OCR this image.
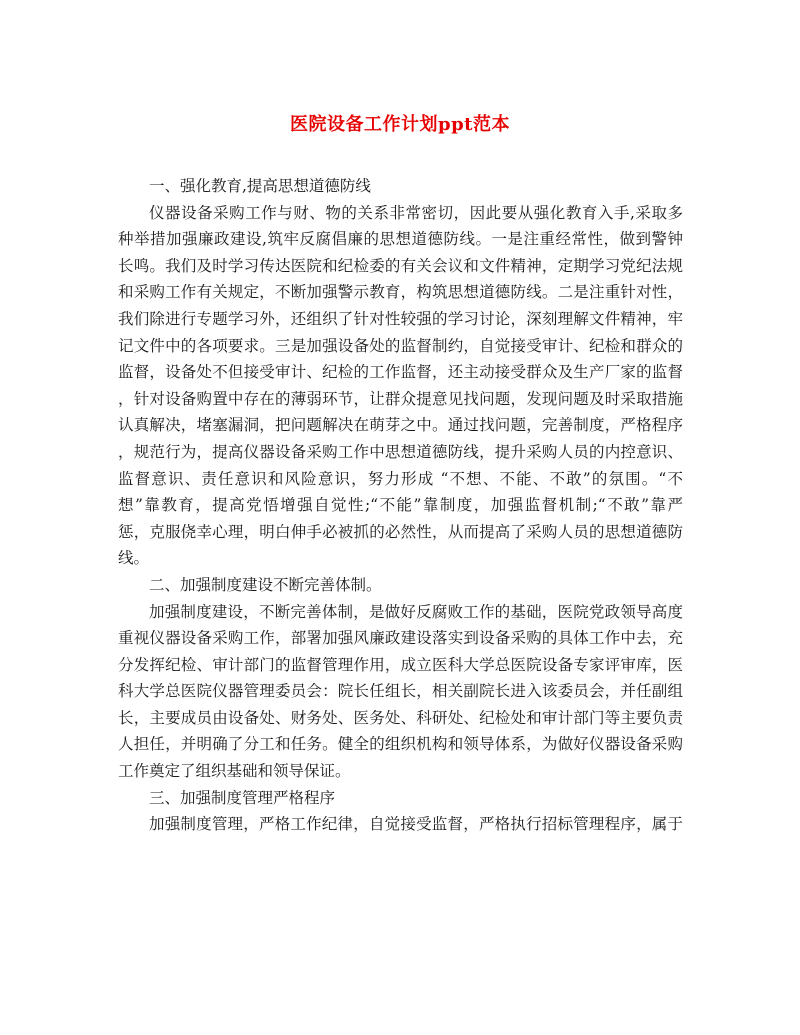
医院设备工作计划ppt范本
一、强化教育,提高思想道德防线
仪器设备采购工作与财、物的关系非常密切，因此要从强化教育入手,采取多
种举措加强廉政建设,筑牢反腐倡廉的思想道德防线。一是注重经常性，做到警钟
长鸣。我们及时学习传达医院和纪检委的有关会议和文件精神，定期学习党纪法规
和采购工作有关规定，不断加强警示教育，构筑思想道德防线。二是注重针对性，
我们除进行专题学习外，还组织了针对性较强的学习讨论，深刻理解文件精神，牢
记文件中的各项要求。三是加强设备处的监督制约，自觉接受审计、纪检和群众的
监督，设备处不但接受审计、纪检的工作监督，还主动接受群众及生产厂家的监督
，针对设备购置中存在的薄弱环节，让群众提意见找问题，发现问题及时采取措施
认真解决，堵塞漏洞，把问题解决在萌芽之中。通过找问题，完善制度，严格程序
，规范行为，提高仪器设备采购工作中思想道德防线，提升采购人员的内控意识、
监督意识、责任意识和风险意识，努力形成 “不想、不能、不敢”的氛围。“不
想”靠教育，提高党悟增强自觉性;“不能”靠制度，加强监督机制;“不敢”靠严
惩，克服侥幸心理，明白伸手必被抓的必然性，从而提高了采购人员的思想道德防
线。
二、加强制度建设不断完善体制。
加强制度建设，不断完善体制，是做好反腐败工作的基础，医院党政领导高度
重视仪器设备采购工作，部署加强风廉政建设落实到设备采购的具体工作中去，充
分发挥纪检、审计部门的监督管理作用，成立医科大学总医院设备专家评审库，医
科大学总医院仪器管理委员会：院长任组长，相关副院长进入该委员会，并任副组
长，主要成员由设备处、财务处、医务处、科研处、纪检处和审计部门等主要负责
人担任，并明确了分工和任务。健全的组织机构和领导体系，为做好仪器设备采购
工作奠定了组织基础和领导保证。
三、加强制度管理严格程序
加强制度管理，严格工作纪律，自觉接受监督，严格执行招标管理程序，属于
